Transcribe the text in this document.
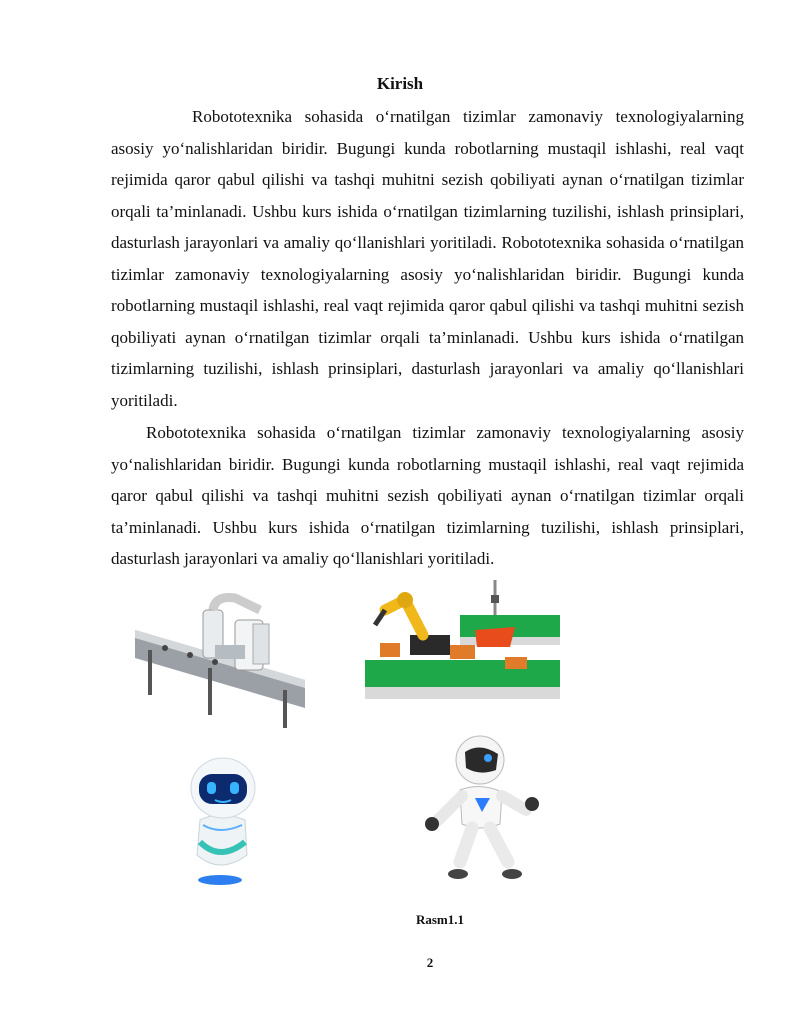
Kirish

Robototexnika sohasida o‘rnatilgan tizimlar zamonaviy texnologiyalarning asosiy yo‘nalishlaridan biridir. Bugungi kunda robotlarning mustaqil ishlashi, real vaqt rejimida qaror qabul qilishi va tashqi muhitni sezish qobiliyati aynan o‘rnatilgan tizimlar orqali ta’minlanadi. Ushbu kurs ishida o‘rnatilgan tizimlarning tuzilishi, ishlash prinsiplari, dasturlash jarayonlari va amaliy qo‘llanishlari yoritiladi. Robototexnika sohasida o‘rnatilgan tizimlar zamonaviy texnologiyalarning asosiy yo‘nalishlaridan biridir. Bugungi kunda robotlarning mustaqil ishlashi, real vaqt rejimida qaror qabul qilishi va tashqi muhitni sezish qobiliyati aynan o‘rnatilgan tizimlar orqali ta’minlanadi. Ushbu kurs ishida o‘rnatilgan tizimlarning tuzilishi, ishlash prinsiplari, dasturlash jarayonlari va amaliy qo‘llanishlari yoritiladi.

Robototexnika sohasida o‘rnatilgan tizimlar zamonaviy texnologiyalarning asosiy yo‘nalishlaridan biridir. Bugungi kunda robotlarning mustaqil ishlashi, real vaqt rejimida qaror qabul qilishi va tashqi muhitni sezish qobiliyati aynan o‘rnatilgan tizimlar orqali ta’minlanadi. Ushbu kurs ishida o‘rnatilgan tizimlarning tuzilishi, ishlash prinsiplari, dasturlash jarayonlari va amaliy qo‘llanishlari yoritiladi.

Rasm1.1
2
